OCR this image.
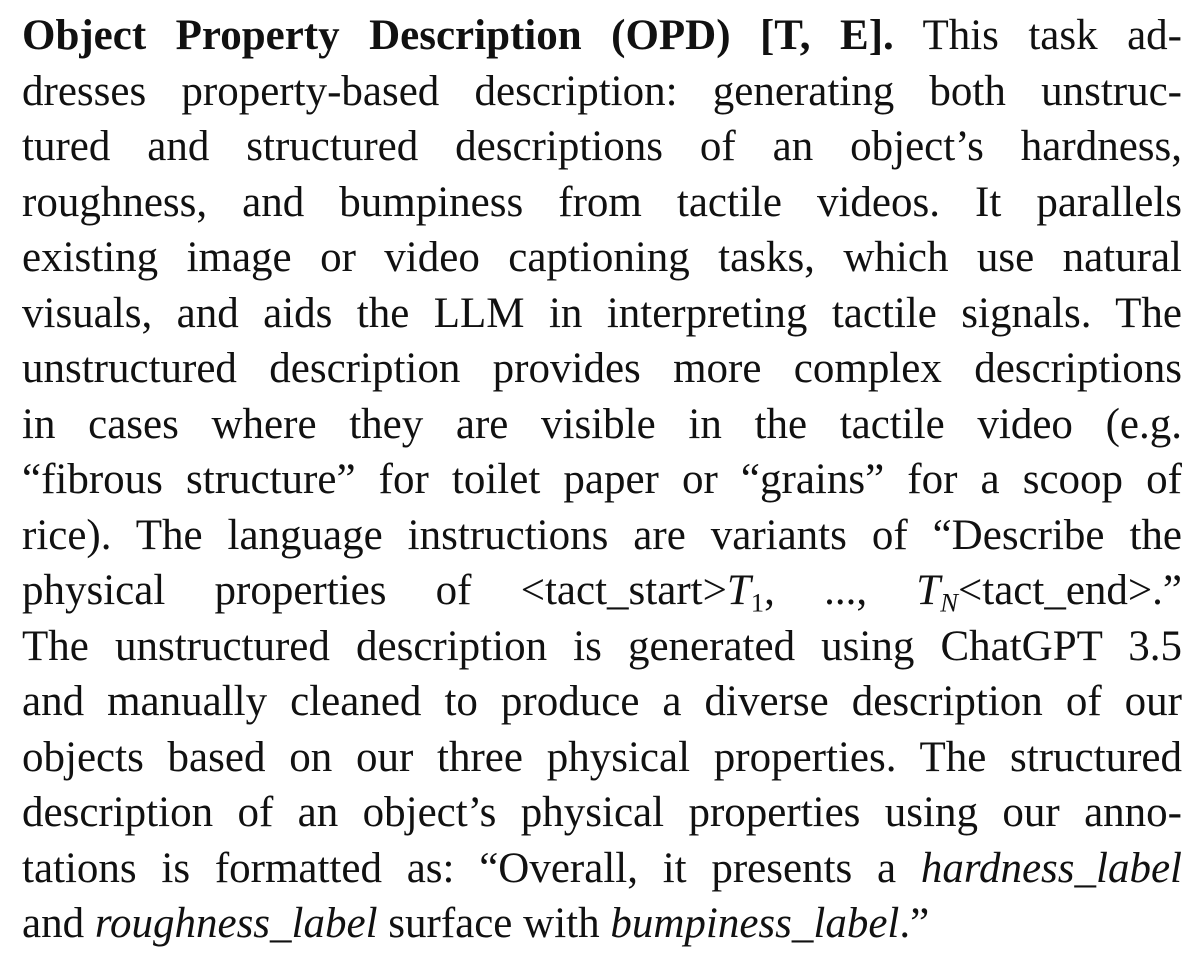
Object Property Description (OPD) [T, E]. This task ad-
dresses property-based description: generating both unstruc-
tured and structured descriptions of an object’s hardness,
roughness, and bumpiness from tactile videos. It parallels
existing image or video captioning tasks, which use natural
visuals, and aids the LLM in interpreting tactile signals. The
unstructured description provides more complex descriptions
in cases where they are visible in the tactile video (e.g.
“fibrous structure” for toilet paper or “grains” for a scoop of
rice). The language instructions are variants of “Describe the
physical properties of $<tact\_start>T_1$, ..., $T_N<tact\_end>$.”
The unstructured description is generated using ChatGPT 3.5
and manually cleaned to produce a diverse description of our
objects based on our three physical properties. The structured
description of an object’s physical properties using our anno-
tations is formatted as: “Overall, it presents a hardness_label
and roughness_label surface with bumpiness_label.”
